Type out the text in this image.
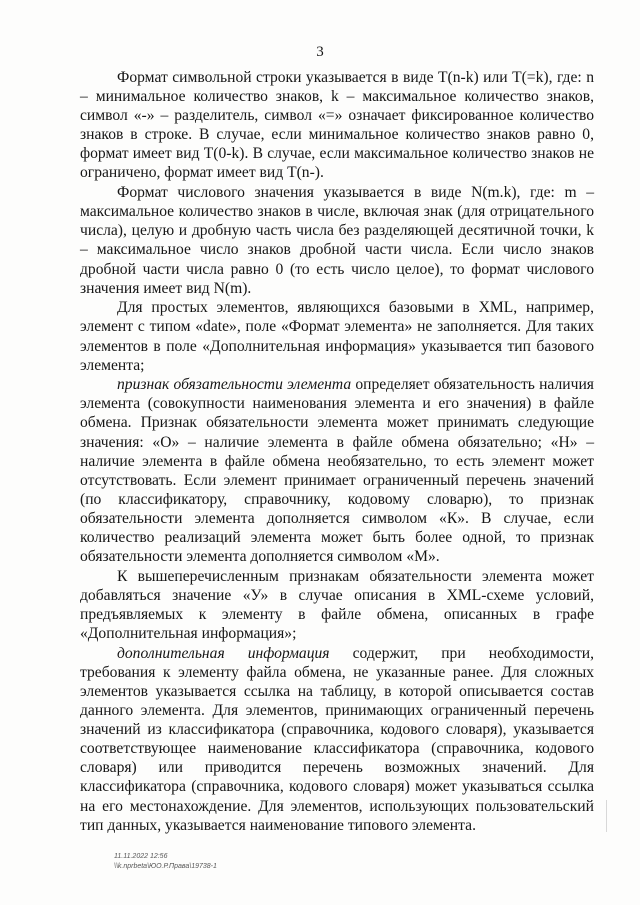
3

Формат символьной строки указывается в виде T(n-k) или T(=k), где: n – минимальное количество знаков, k – максимальное количество знаков, символ «-» – разделитель, символ «=» означает фиксированное количество знаков в строке. В случае, если минимальное количество знаков равно 0, формат имеет вид T(0-k). В случае, если максимальное количество знаков не ограничено, формат имеет вид T(n-).

Формат числового значения указывается в виде N(m.k), где: m – максимальное количество знаков в числе, включая знак (для отрицательного числа), целую и дробную часть числа без разделяющей десятичной точки, k – максимальное число знаков дробной части числа. Если число знаков дробной части числа равно 0 (то есть число целое), то формат числового значения имеет вид N(m).

Для простых элементов, являющихся базовыми в XML, например, элемент с типом «date», поле «Формат элемента» не заполняется. Для таких элементов в поле «Дополнительная информация» указывается тип базового элемента;

признак обязательности элемента определяет обязательность наличия элемента (совокупности наименования элемента и его значения) в файле обмена. Признак обязательности элемента может принимать следующие значения: «О» – наличие элемента в файле обмена обязательно; «Н» – наличие элемента в файле обмена необязательно, то есть элемент может отсутствовать. Если элемент принимает ограниченный перечень значений (по классификатору, справочнику, кодовому словарю), то признак обязательности элемента дополняется символом «К». В случае, если количество реализаций элемента может быть более одной, то признак обязательности элемента дополняется символом «М».

К вышеперечисленным признакам обязательности элемента может добавляться значение «У» в случае описания в XML-схеме условий, предъявляемых к элементу в файле обмена, описанных в графе «Дополнительная информация»;

дополнительная информация содержит, при необходимости, требования к элементу файла обмена, не указанные ранее. Для сложных элементов указывается ссылка на таблицу, в которой описывается состав данного элемента. Для элементов, принимающих ограниченный перечень значений из классификатора (справочника, кодового словаря), указывается соответствующее наименование классификатора (справочника, кодового словаря) или приводится перечень возможных значений. Для классификатора (справочника, кодового словаря) может указываться ссылка на его местонахождение. Для элементов, использующих пользовательский тип данных, указывается наименование типового элемента.

11.11.2022 12:56
\\k.nprbeta\ЮО.Р.Права\19738-1
